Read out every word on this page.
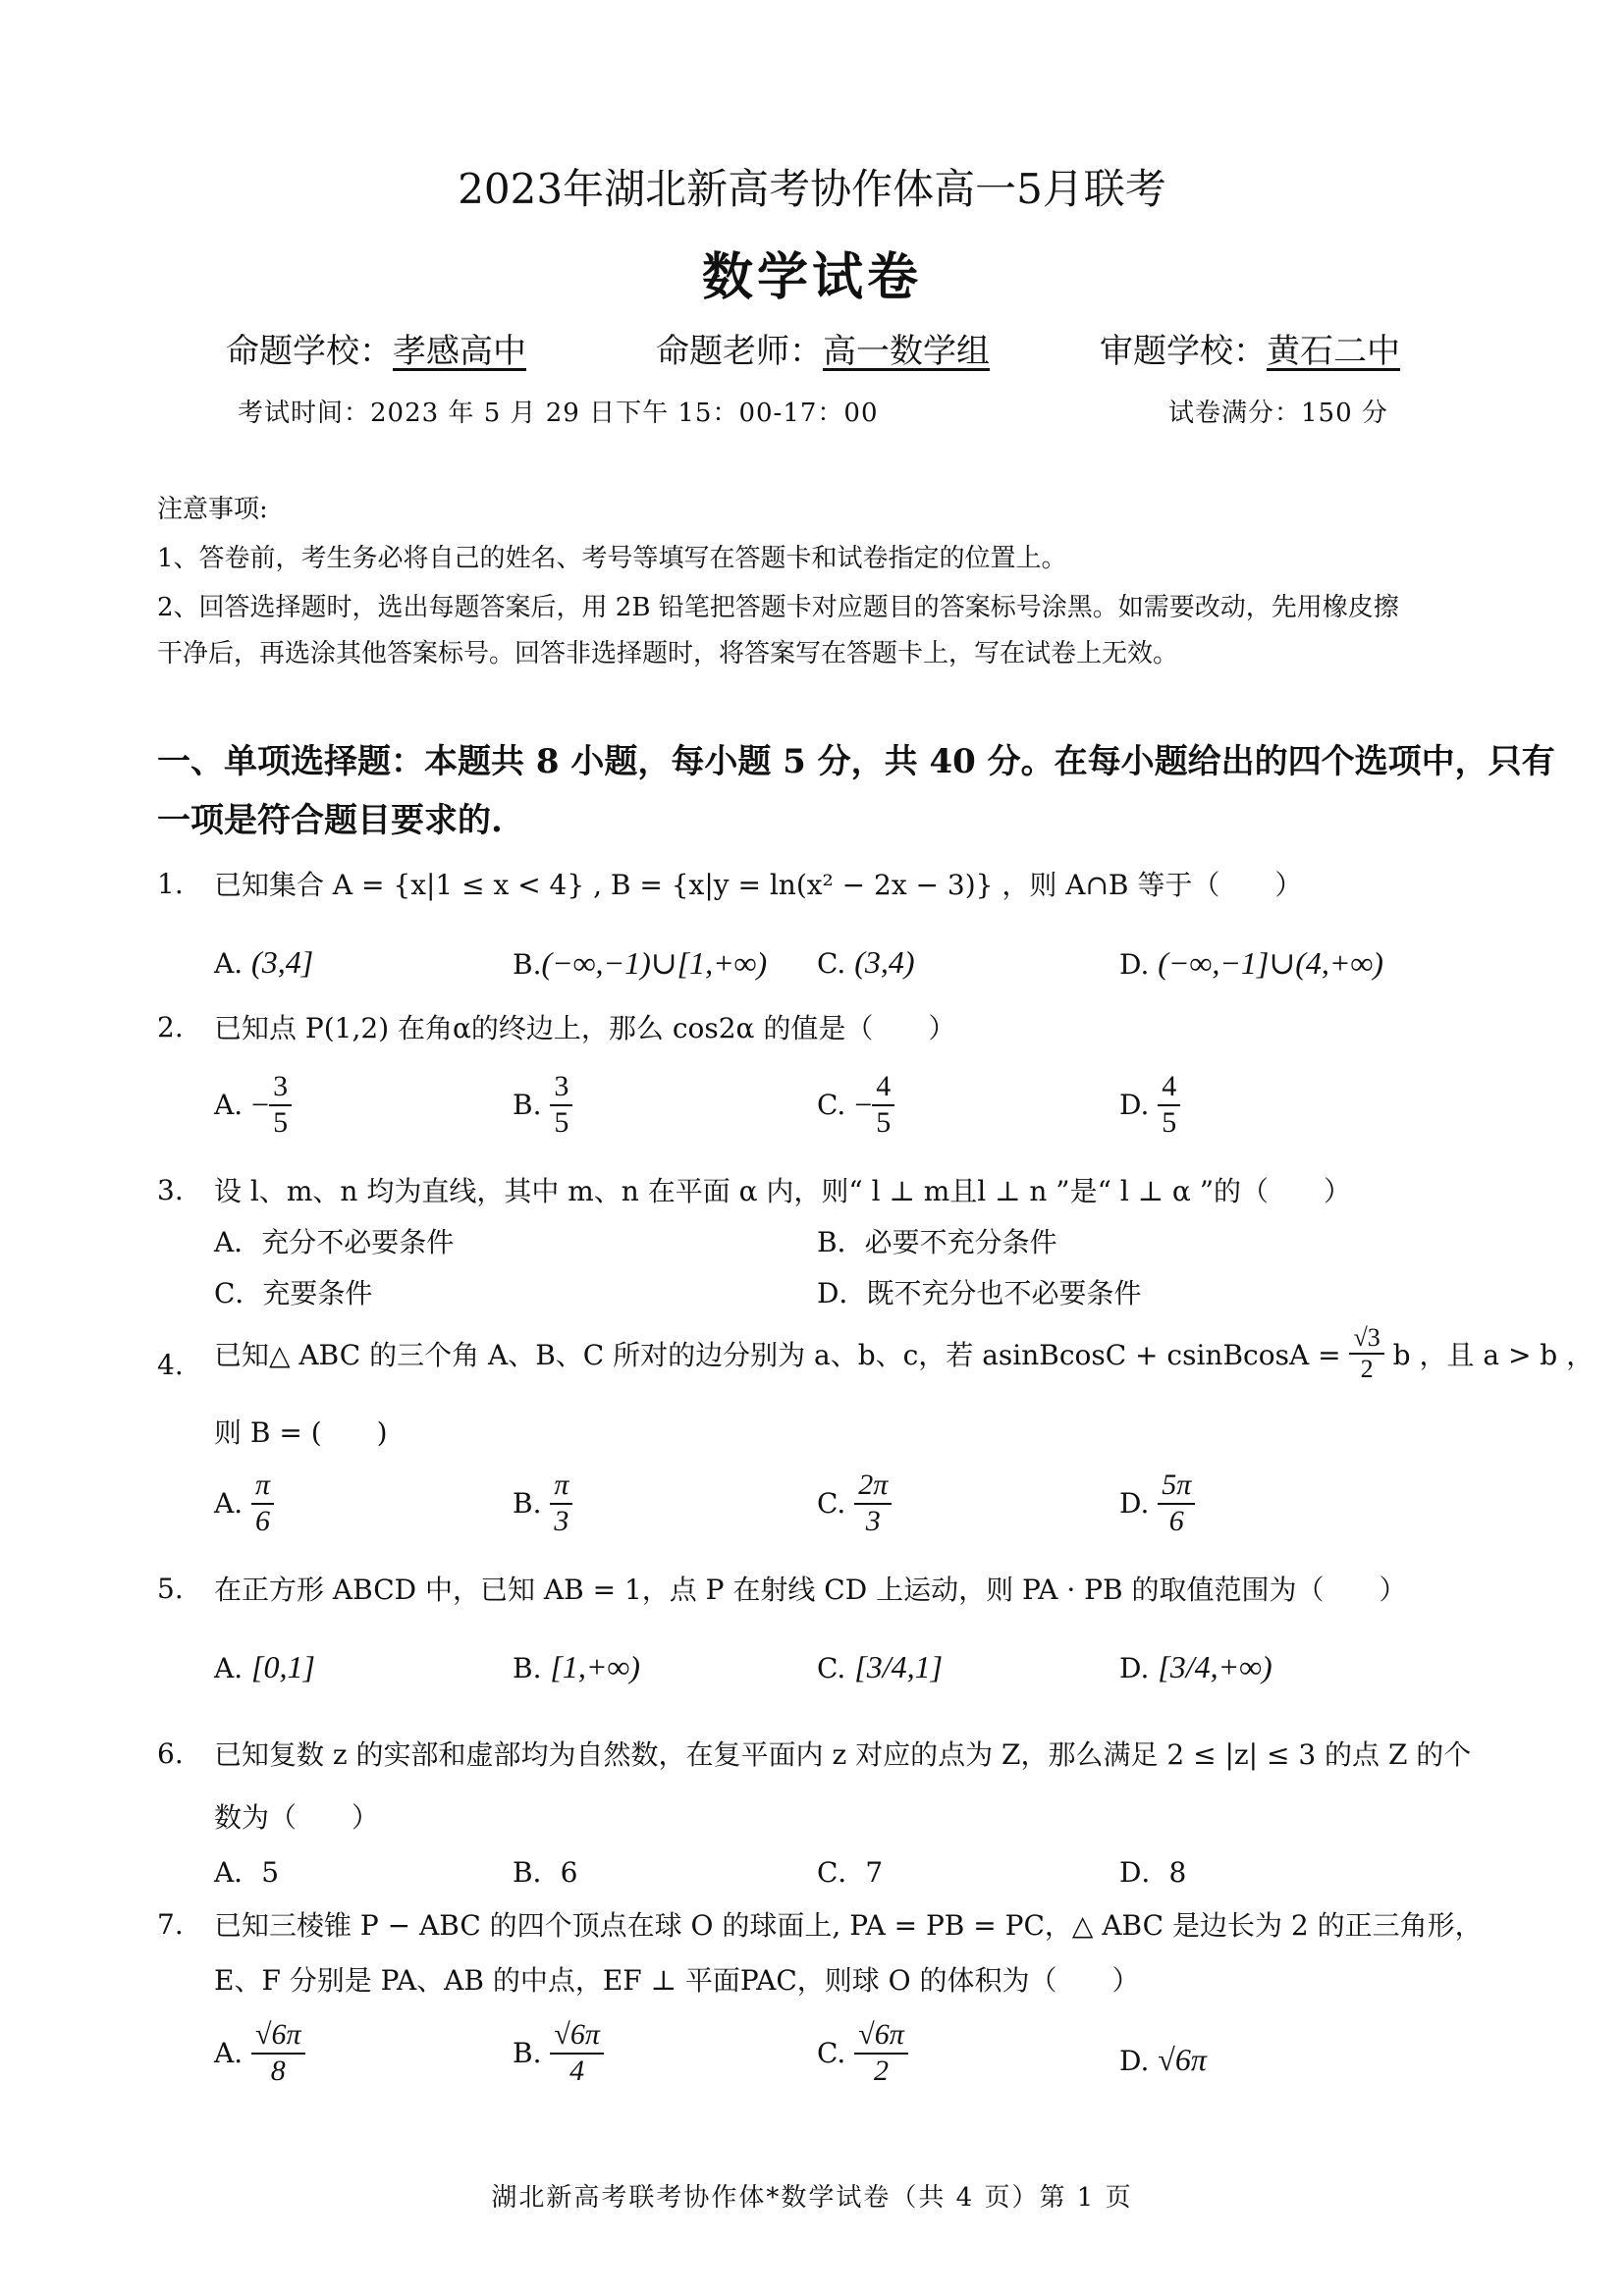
2023年湖北新高考协作体高一5月联考
数学试卷
命题学校：孝感高中	命题老师：高一数学组	审题学校：黄石二中
考试时间：2023 年 5 月 29 日下午 15：00-17：00	试卷满分：150 分
注意事项:
1、答卷前，考生务必将自己的姓名、考号等填写在答题卡和试卷指定的位置上。
2、回答选择题时，选出每题答案后，用 2B 铅笔把答题卡对应题目的答案标号涂黑。如需要改动，先用橡皮擦
干净后，再选涂其他答案标号。回答非选择题时，将答案写在答题卡上，写在试卷上无效。
一、单项选择题：本题共 8 小题，每小题 5 分，共 40 分。在每小题给出的四个选项中，只有
一项是符合题目要求的.
1. 已知集合 A = {x|1 ≤ x < 4} , B = {x|y = ln(x² − 2x − 3)} ，则 A∩B 等于（　　）
A. (3,4]	B.(−∞,−1)∪[1,+∞) C. (3,4)	D. (−∞,−1]∪(4,+∞)
2. 已知点 P(1,2) 在角α的终边上，那么 cos2α 的值是（　　）
A. − $\frac{3}{5}$	B. $\frac{3}{5}$	C. − $\frac{4}{5}$	D. $\frac{4}{5}$
3. 设 l、m、n 均为直线，其中 m、n 在平面 α 内，则“ l ⊥ m且l ⊥ n ”是“ l ⊥ α ”的（　　）
A．充分不必要条件	B．必要不充分条件
C．充要条件	D．既不充分也不必要条件
4. 已知△ ABC 的三个角 A、B、C 所对的边分别为 a、b、c，若 asinBcosC + csinBcosA = $\frac{√3}{2}$ b ，且 a > b ，
则 B = (　　)
A. $\frac{\pi}{6}$	B. $\frac{\pi}{3}$	C. $\frac{2\pi}{3}$	D. $\frac{5\pi}{6}$
5. 在正方形 ABCD 中，已知 AB = 1，点 P 在射线 CD 上运动，则 PA · PB 的取值范围为（　　）
A. [0,1]	B. [1,+∞)	C. [3/4,1]	D. [3/4,+∞)
6. 已知复数 z 的实部和虚部均为自然数，在复平面内 z 对应的点为 Z，那么满足 2 ≤ |z| ≤ 3 的点 Z 的个
数为（　　）
A．5	B．6	C．7	D．8
7. 已知三棱锥 P − ABC 的四个顶点在球 O 的球面上, PA = PB = PC，△ ABC 是边长为 2 的正三角形，
E、F 分别是 PA、AB 的中点，EF ⊥ 平面PAC，则球 O 的体积为（　　）
A. $\frac{√6\pi}{8}$	B. $\frac{√6\pi}{4}$	C. $\frac{√6\pi}{2}$	D. √6π
湖北新高考联考协作体*数学试卷（共 4 页）第 1 页
